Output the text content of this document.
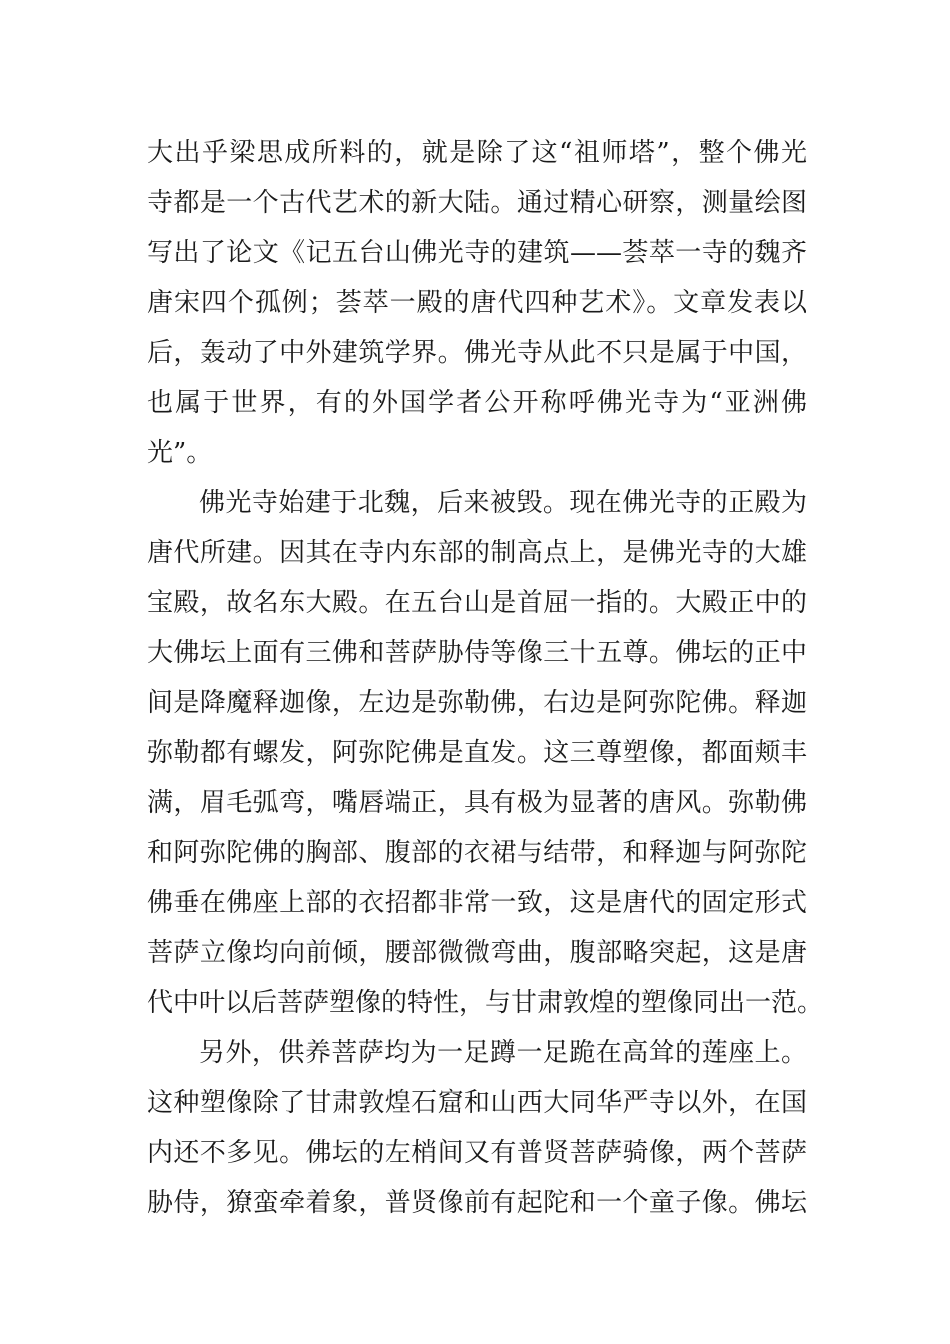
大出乎梁思成所料的，就是除了这“祖师塔”，整个佛光
寺都是一个古代艺术的新大陆。通过精心研察，测量绘图
写出了论文《记五台山佛光寺的建筑——荟萃一寺的魏齐
唐宋四个孤例；荟萃一殿的唐代四种艺术》。文章发表以
后，轰动了中外建筑学界。佛光寺从此不只是属于中国，
也属于世界，有的外国学者公开称呼佛光寺为“亚洲佛
光”。
佛光寺始建于北魏，后来被毁。现在佛光寺的正殿为
唐代所建。因其在寺内东部的制高点上，是佛光寺的大雄
宝殿，故名东大殿。在五台山是首屈一指的。大殿正中的
大佛坛上面有三佛和菩萨胁侍等像三十五尊。佛坛的正中
间是降魔释迦像，左边是弥勒佛，右边是阿弥陀佛。释迦
弥勒都有螺发，阿弥陀佛是直发。这三尊塑像，都面颊丰
满，眉毛弧弯，嘴唇端正，具有极为显著的唐风。弥勒佛
和阿弥陀佛的胸部、腹部的衣裙与结带，和释迦与阿弥陀
佛垂在佛座上部的衣招都非常一致，这是唐代的固定形式
菩萨立像均向前倾，腰部微微弯曲，腹部略突起，这是唐
代中叶以后菩萨塑像的特性，与甘肃敦煌的塑像同出一范。
另外，供养菩萨均为一足蹲一足跪在高耸的莲座上。
这种塑像除了甘肃敦煌石窟和山西大同华严寺以外，在国
内还不多见。佛坛的左梢间又有普贤菩萨骑像，两个菩萨
胁侍，獠蛮牵着象，普贤像前有起陀和一个童子像。佛坛
